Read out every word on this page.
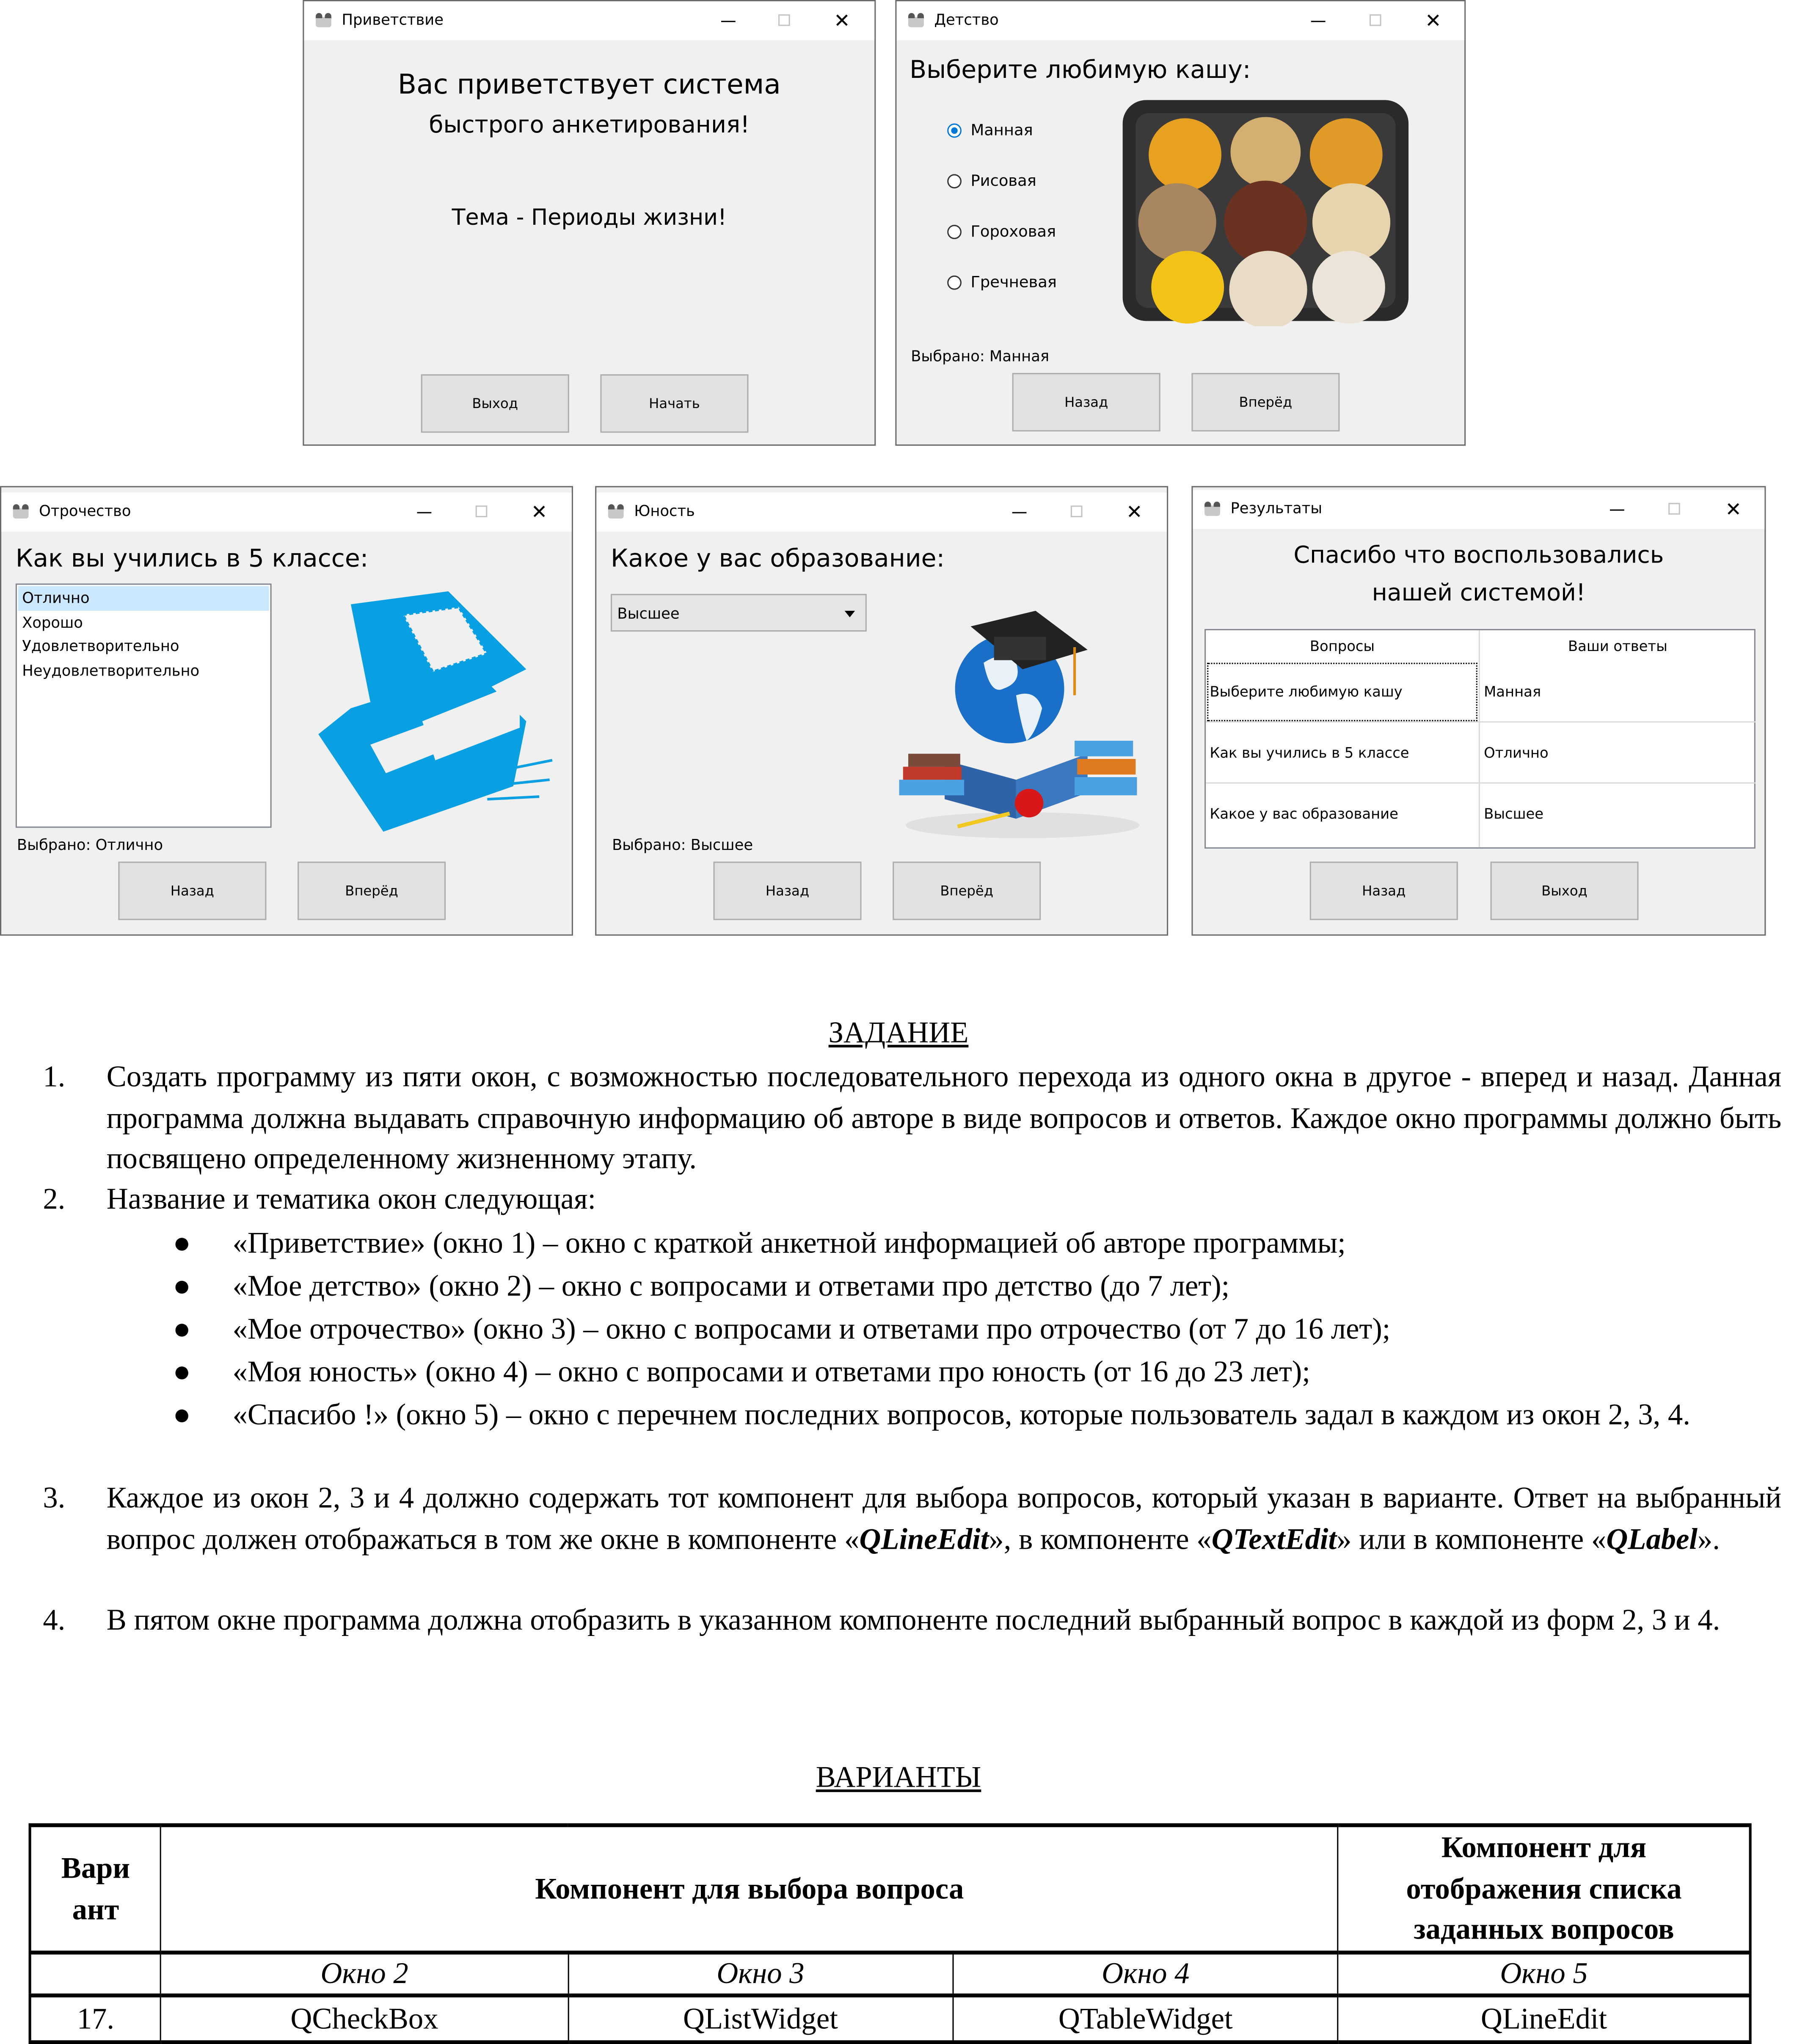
Приветствие	✕
Вас приветствует система
быстрого анкетирования!
Тема - Периоды жизни!
Выход	Начать
Детство	✕
Выберите любимую кашу:
Манная
Рисовая
Гороховая
Гречневая
Выбрано: Манная
Назад	Вперёд
Отрочество	✕
Как вы учились в 5 классе:
Отлично
Хорошо
Удовлетворительно
Неудовлетворительно
Выбрано: Отлично
Назад	Вперёд
Юность	✕
Какое у вас образование:
Высшее
Выбрано: Высшее
Назад	Вперёд
Результаты	✕
Спасибо что воспользовались
нашей системой!
Вопросы	Ваши ответы
Выберите любимую кашу	Манная
Как вы учились в 5 классе	Отлично
Какое у вас образование	Высшее
Назад	Выход
ЗАДАНИЕ
1.	Создать программу из пяти окон, с возможностью последовательного перехода из одного окна в другое - вперед и назад. Данная программа должна выдавать справочную информацию об авторе в виде вопросов и ответов. Каждое окно программы должно быть посвящено определенному жизненному этапу.
2.	Название и тематика окон следующая:
●	«Приветствие» (окно 1) – окно с краткой анкетной информацией об авторе программы;
●	«Мое детство» (окно 2) – окно с вопросами и ответами про детство (до 7 лет);
●	«Мое отрочество» (окно 3) – окно с вопросами и ответами про отрочество (от 7 до 16 лет);
●	«Моя юность» (окно 4) – окно с вопросами и ответами про юность (от 16 до 23 лет);
●	«Спасибо !» (окно 5) – окно с перечнем последних вопросов, которые пользователь задал в каждом из окон 2, 3, 4.
3.	Каждое из окон 2, 3 и 4 должно содержать тот компонент для выбора вопросов, который указан в варианте. Ответ на выбранный вопрос должен отображаться в том же окне в компоненте «QLineEdit», в компоненте «QTextEdit» или в компоненте «QLabel».
4.	В пятом окне программа должна отобразить в указанном компоненте последний выбранный вопрос в каждой из форм 2, 3 и 4.
ВАРИАНТЫ
Вари ант	Компонент для выбора вопроса			Компонент для отображения списка заданных вопросов
	Окно 2	Окно 3	Окно 4	Окно 5
17.	QCheckBox	QListWidget	QTableWidget	QLineEdit
